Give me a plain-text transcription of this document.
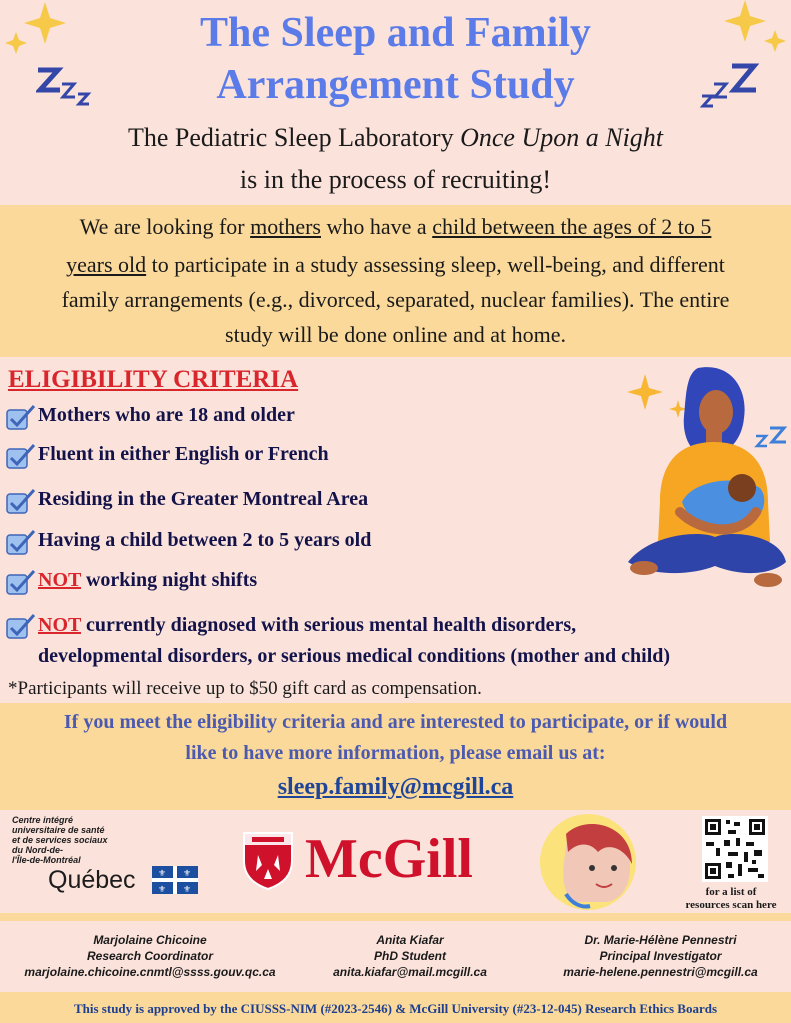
The Sleep and Family
Arrangement Study
The Pediatric Sleep Laboratory Once Upon a Night
is in the process of recruiting!
We are looking for mothers who have a child between the ages of 2 to 5
years old to participate in a study assessing sleep, well-being, and different
family arrangements (e.g., divorced, separated, nuclear families). The entire
study will be done online and at home.
ELIGIBILITY CRITERIA
Mothers who are 18 and older
Fluent in either English or French
Residing in the Greater Montreal Area
Having a child between 2 to 5 years old
NOT working night shifts
NOT currently diagnosed with serious mental health disorders,
developmental disorders, or serious medical conditions (mother and child)
*Participants will receive up to $50 gift card as compensation.
If you meet the eligibility criteria and are interested to participate, or if would
like to have more information, please email us at:
sleep.family@mcgill.ca
Centre intégré
universitaire de santé
et de services sociaux
du Nord-de-
l'Île-de-Montréal
Québec ⚜ ⚜
⚜ ⚜ McGill
for a list of
resources scan here
Marjolaine Chicoine
Research Coordinator
marjolaine.chicoine.cnmtl@ssss.gouv.qc.ca
Anita Kiafar
PhD Student
anita.kiafar@mail.mcgill.ca
Dr. Marie-Hélène Pennestri
Principal Investigator
marie-helene.pennestri@mcgill.ca
This study is approved by the CIUSSS-NIM (#2023-2546) & McGill University (#23-12-045) Research Ethics Boards
